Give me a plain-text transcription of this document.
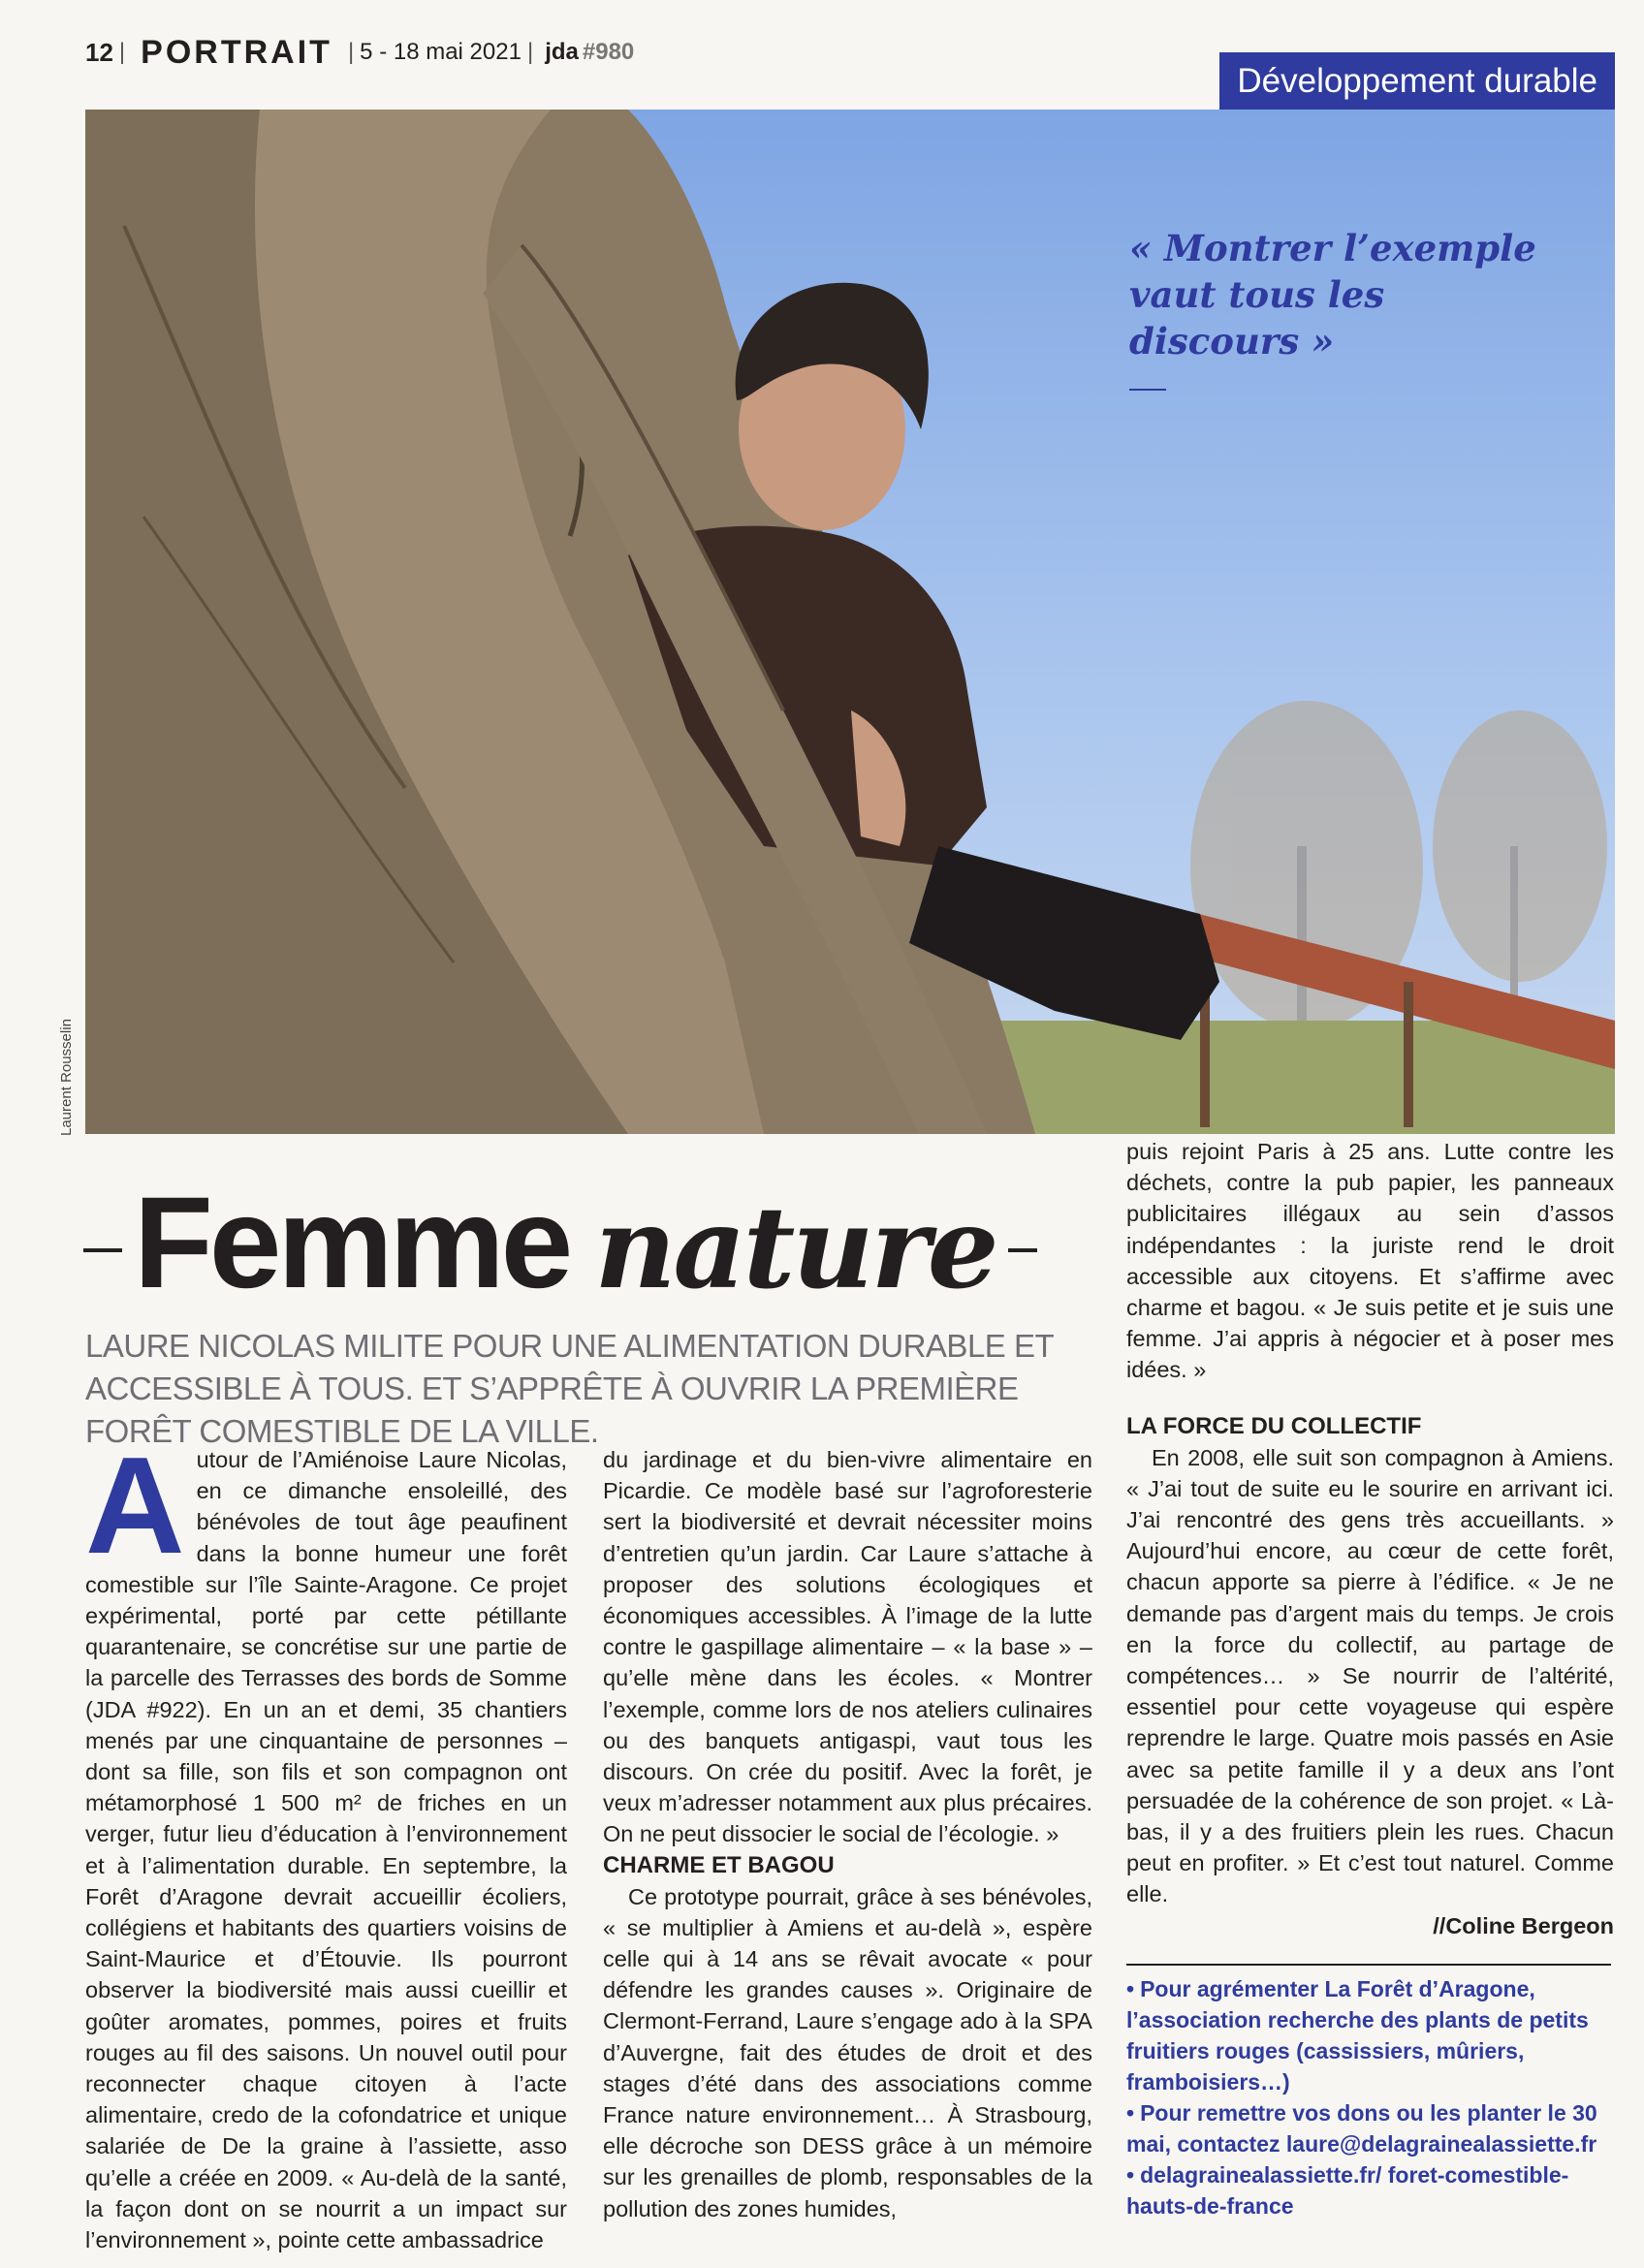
12 | PORTRAIT | 5 - 18 mai 2021 | jda #980
Développement durable
Laurent Rousselin
« Montrer l’exemple vaut tous les discours »
Femme nature
LAURE NICOLAS MILITE POUR UNE ALIMENTATION DURABLE ET ACCESSIBLE À TOUS. ET S’APPRÊTE À OUVRIR LA PREMIÈRE FORÊT COMESTIBLE DE LA VILLE.
A utour de l’Amiénoise Laure Nicolas, en ce dimanche ensoleillé, des bénévoles de tout âge peaufinent dans la bonne humeur une forêt comestible sur l’île Sainte-Aragone. Ce projet expérimental, porté par cette pétillante quarantenaire, se concrétise sur une partie de la parcelle des Terrasses des bords de Somme (JDA #922). En un an et demi, 35 chantiers menés par une cinquantaine de personnes – dont sa fille, son fils et son compagnon ont métamorphosé 1 500 m² de friches en un verger, futur lieu d’éducation à l’environnement et à l’alimentation durable. En septembre, la Forêt d’Aragone devrait accueillir écoliers, collégiens et habitants des quartiers voisins de Saint-Maurice et d’Étouvie. Ils pourront observer la biodiversité mais aussi cueillir et goûter aromates, pommes, poires et fruits rouges au fil des saisons. Un nouvel outil pour reconnecter chaque citoyen à l’acte alimentaire, credo de la cofondatrice et unique salariée de De la graine à l’assiette, asso qu’elle a créée en 2009. « Au-delà de la santé, la façon dont on se nourrit a un impact sur l’environnement », pointe cette ambassadrice

du jardinage et du bien-vivre alimentaire en Picardie. Ce modèle basé sur l’agroforesterie sert la biodiversité et devrait nécessiter moins d’entretien qu’un jardin. Car Laure s’attache à proposer des solutions écologiques et économiques accessibles. À l’image de la lutte contre le gaspillage alimentaire – « la base » – qu’elle mène dans les écoles. « Montrer l’exemple, comme lors de nos ateliers culinaires ou des banquets antigaspi, vaut tous les discours. On crée du positif. Avec la forêt, je veux m’adresser notamment aux plus précaires. On ne peut dissocier le social de l’écologie. »

CHARME ET BAGOU

Ce prototype pourrait, grâce à ses bénévoles, « se multiplier à Amiens et au-delà », espère celle qui à 14 ans se rêvait avocate « pour défendre les grandes causes ». Originaire de Clermont-Ferrand, Laure s’engage ado à la SPA d’Auvergne, fait des études de droit et des stages d’été dans des associations comme France nature environnement… À Strasbourg, elle décroche son DESS grâce à un mémoire sur les grenailles de plomb, responsables de la pollution des zones humides,

puis rejoint Paris à 25 ans. Lutte contre les déchets, contre la pub papier, les panneaux publicitaires illégaux au sein d’assos indépendantes : la juriste rend le droit accessible aux citoyens. Et s’affirme avec charme et bagou. « Je suis petite et je suis une femme. J’ai appris à négocier et à poser mes idées. »

LA FORCE DU COLLECTIF

En 2008, elle suit son compagnon à Amiens. « J’ai tout de suite eu le sourire en arrivant ici. J’ai rencontré des gens très accueillants. » Aujourd’hui encore, au cœur de cette forêt, chacun apporte sa pierre à l’édifice. « Je ne demande pas d’argent mais du temps. Je crois en la force du collectif, au partage de compétences… » Se nourrir de l’altérité, essentiel pour cette voyageuse qui espère reprendre le large. Quatre mois passés en Asie avec sa petite famille il y a deux ans l’ont persuadée de la cohérence de son projet. « Là-bas, il y a des fruitiers plein les rues. Chacun peut en profiter. » Et c’est tout naturel. Comme elle.

//Coline Bergeon

• Pour agrémenter La Forêt d’Aragone, l’association recherche des plants de petits fruitiers rouges (cassissiers, mûriers, framboisiers…)

• Pour remettre vos dons ou les planter le 30 mai, contactez laure@delagrainealassiette.fr

• delagrainealassiette.fr/ foret-comestible-hauts-de-france
